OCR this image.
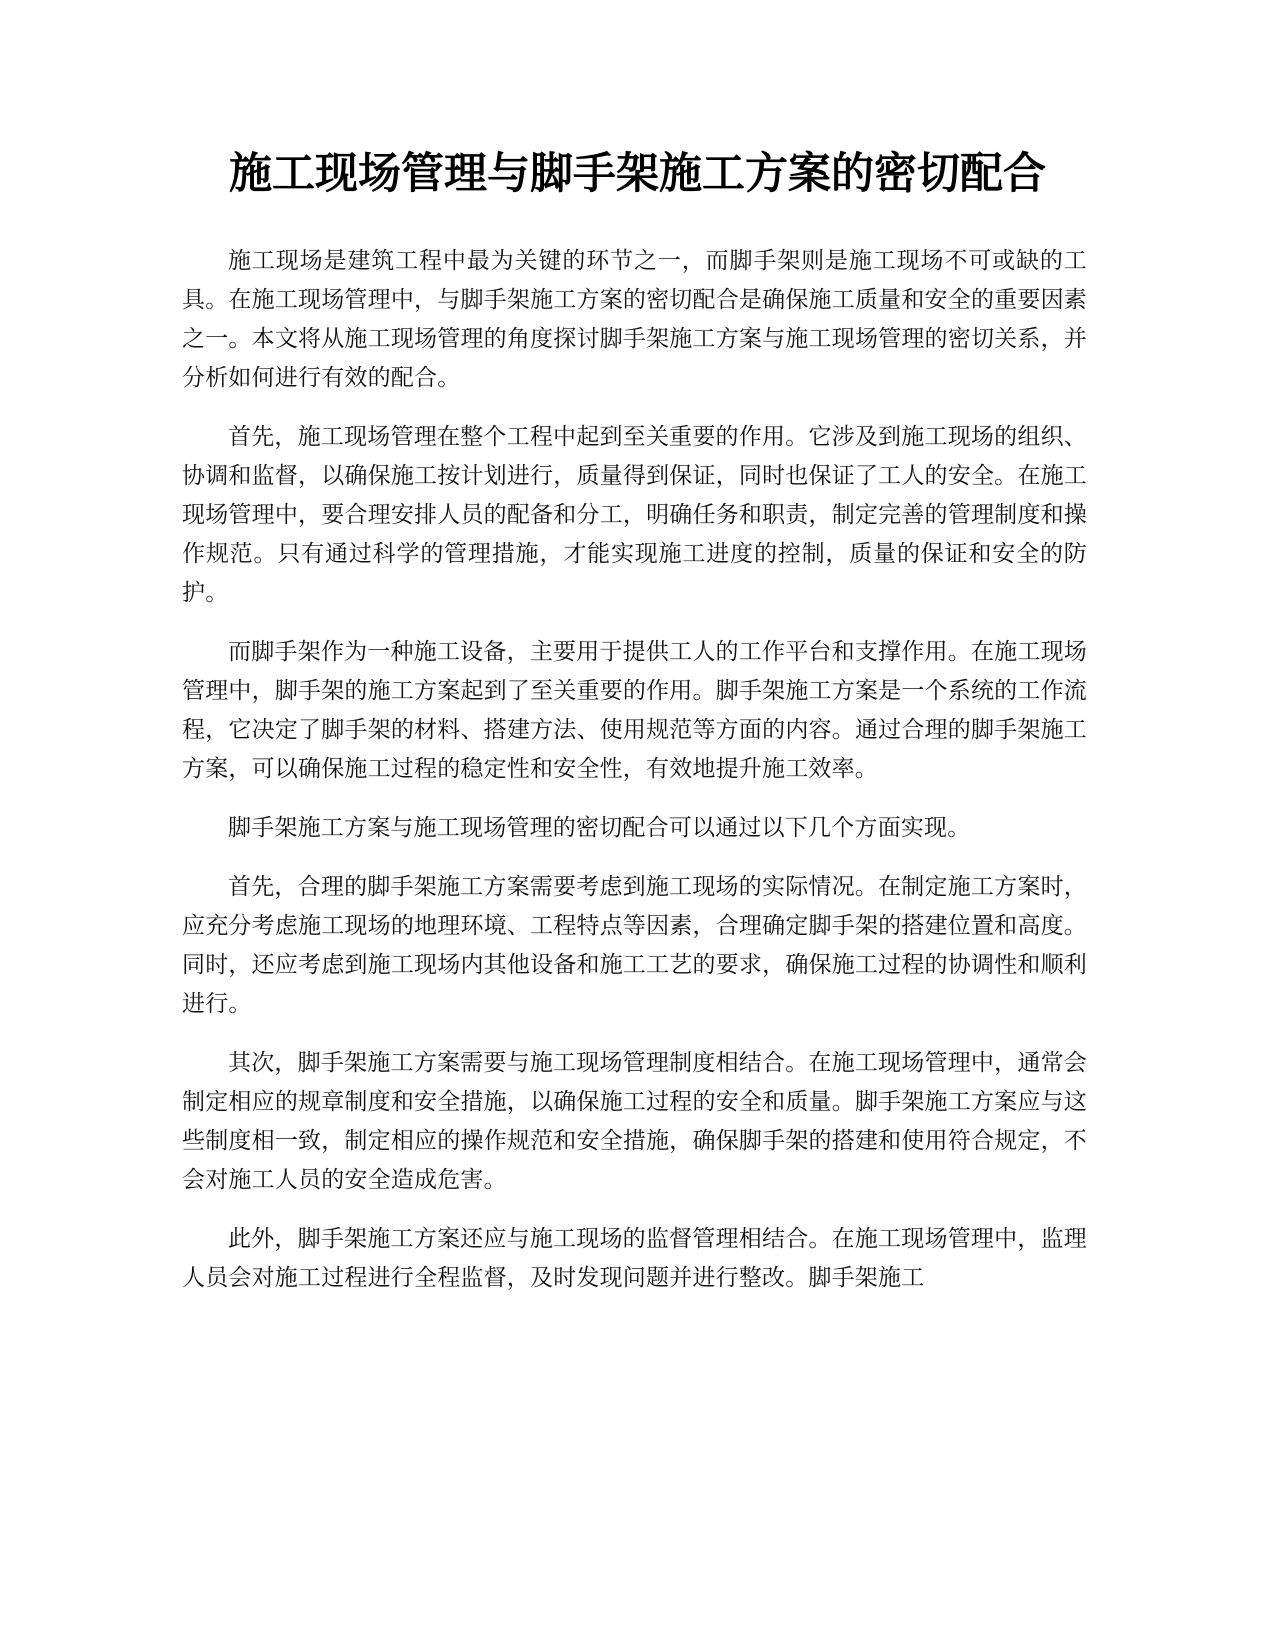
施工现场管理与脚手架施工方案的密切配合

施工现场是建筑工程中最为关键的环节之一，而脚手架则是施工现场不可或缺的工具。在施工现场管理中，与脚手架施工方案的密切配合是确保施工质量和安全的重要因素之一。本文将从施工现场管理的角度探讨脚手架施工方案与施工现场管理的密切关系，并分析如何进行有效的配合。

首先，施工现场管理在整个工程中起到至关重要的作用。它涉及到施工现场的组织、协调和监督，以确保施工按计划进行，质量得到保证，同时也保证了工人的安全。在施工现场管理中，要合理安排人员的配备和分工，明确任务和职责，制定完善的管理制度和操作规范。只有通过科学的管理措施，才能实现施工进度的控制，质量的保证和安全的防护。

而脚手架作为一种施工设备，主要用于提供工人的工作平台和支撑作用。在施工现场管理中，脚手架的施工方案起到了至关重要的作用。脚手架施工方案是一个系统的工作流程，它决定了脚手架的材料、搭建方法、使用规范等方面的内容。通过合理的脚手架施工方案，可以确保施工过程的稳定性和安全性，有效地提升施工效率。

脚手架施工方案与施工现场管理的密切配合可以通过以下几个方面实现。

首先，合理的脚手架施工方案需要考虑到施工现场的实际情况。在制定施工方案时，应充分考虑施工现场的地理环境、工程特点等因素，合理确定脚手架的搭建位置和高度。同时，还应考虑到施工现场内其他设备和施工工艺的要求，确保施工过程的协调性和顺利进行。

其次，脚手架施工方案需要与施工现场管理制度相结合。在施工现场管理中，通常会制定相应的规章制度和安全措施，以确保施工过程的安全和质量。脚手架施工方案应与这些制度相一致，制定相应的操作规范和安全措施，确保脚手架的搭建和使用符合规定，不会对施工人员的安全造成危害。

此外，脚手架施工方案还应与施工现场的监督管理相结合。在施工现场管理中，监理人员会对施工过程进行全程监督，及时发现问题并进行整改。脚手架施工
